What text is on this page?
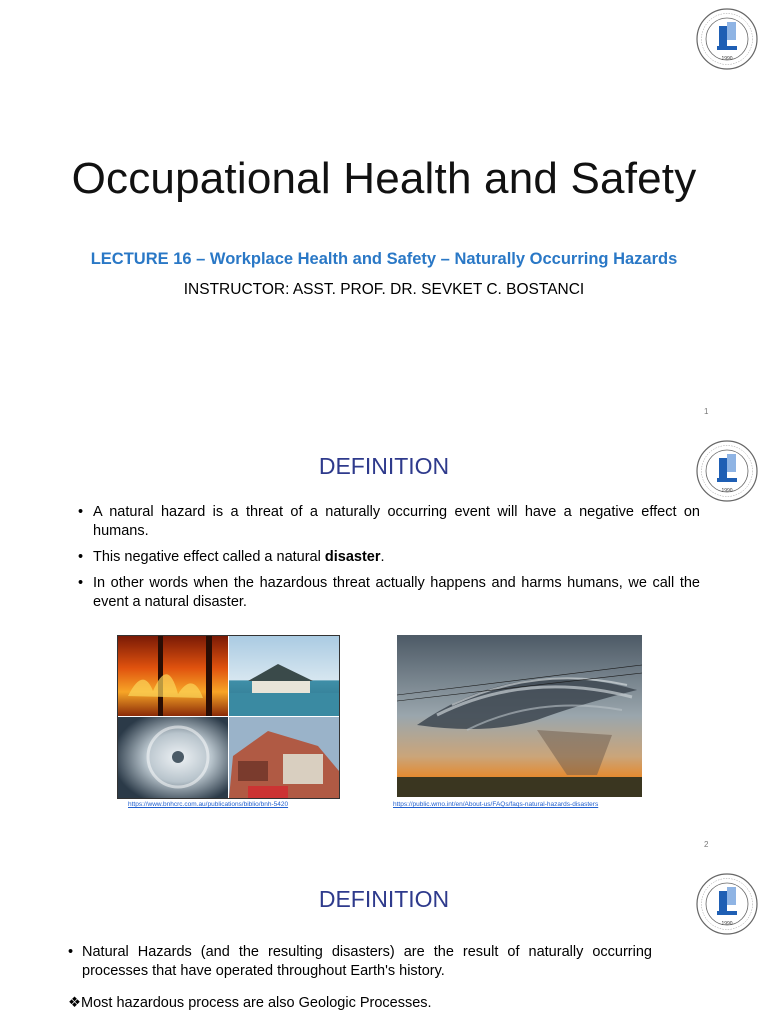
1990
Occupational Health and Safety
LECTURE 16 – Workplace Health and Safety – Naturally Occurring Hazards
INSTRUCTOR: ASST. PROF. DR. SEVKET C. BOSTANCI
1
1990
DEFINITION
• A natural hazard is a threat of a naturally occurring event will have a negative effect on humans.
• This negative effect called a natural disaster.
• In other words when the hazardous threat actually happens and harms humans, we call the event a natural disaster.
https://www.bnhcrc.com.au/publications/biblio/bnh-5420	https://public.wmo.int/en/About-us/FAQs/faqs-natural-hazards-disasters
2
1990
DEFINITION
• Natural Hazards (and the resulting disasters) are the result of naturally occurring processes that have operated throughout Earth's history.
❖Most hazardous process are also Geologic Processes.
